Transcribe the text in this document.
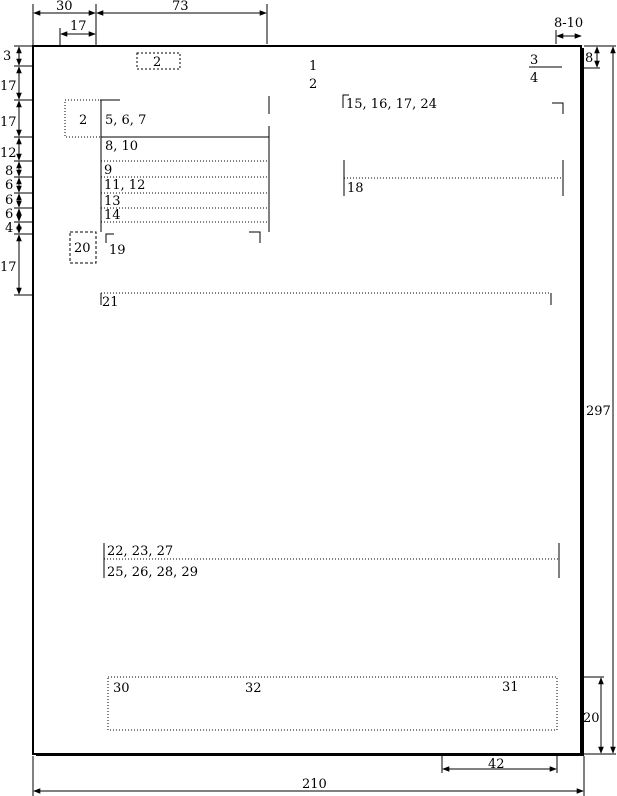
30
17
73
8-10
297
8
20
210
42
3
17
17
12
8
6
6
6
4
17
2	1
2
3
4
15, 16, 17, 24
18
2 5, 6, 7
8, 10
9
11, 12
13
14
19
20
21
22, 23, 27
25, 26, 28, 29
30	32	31
